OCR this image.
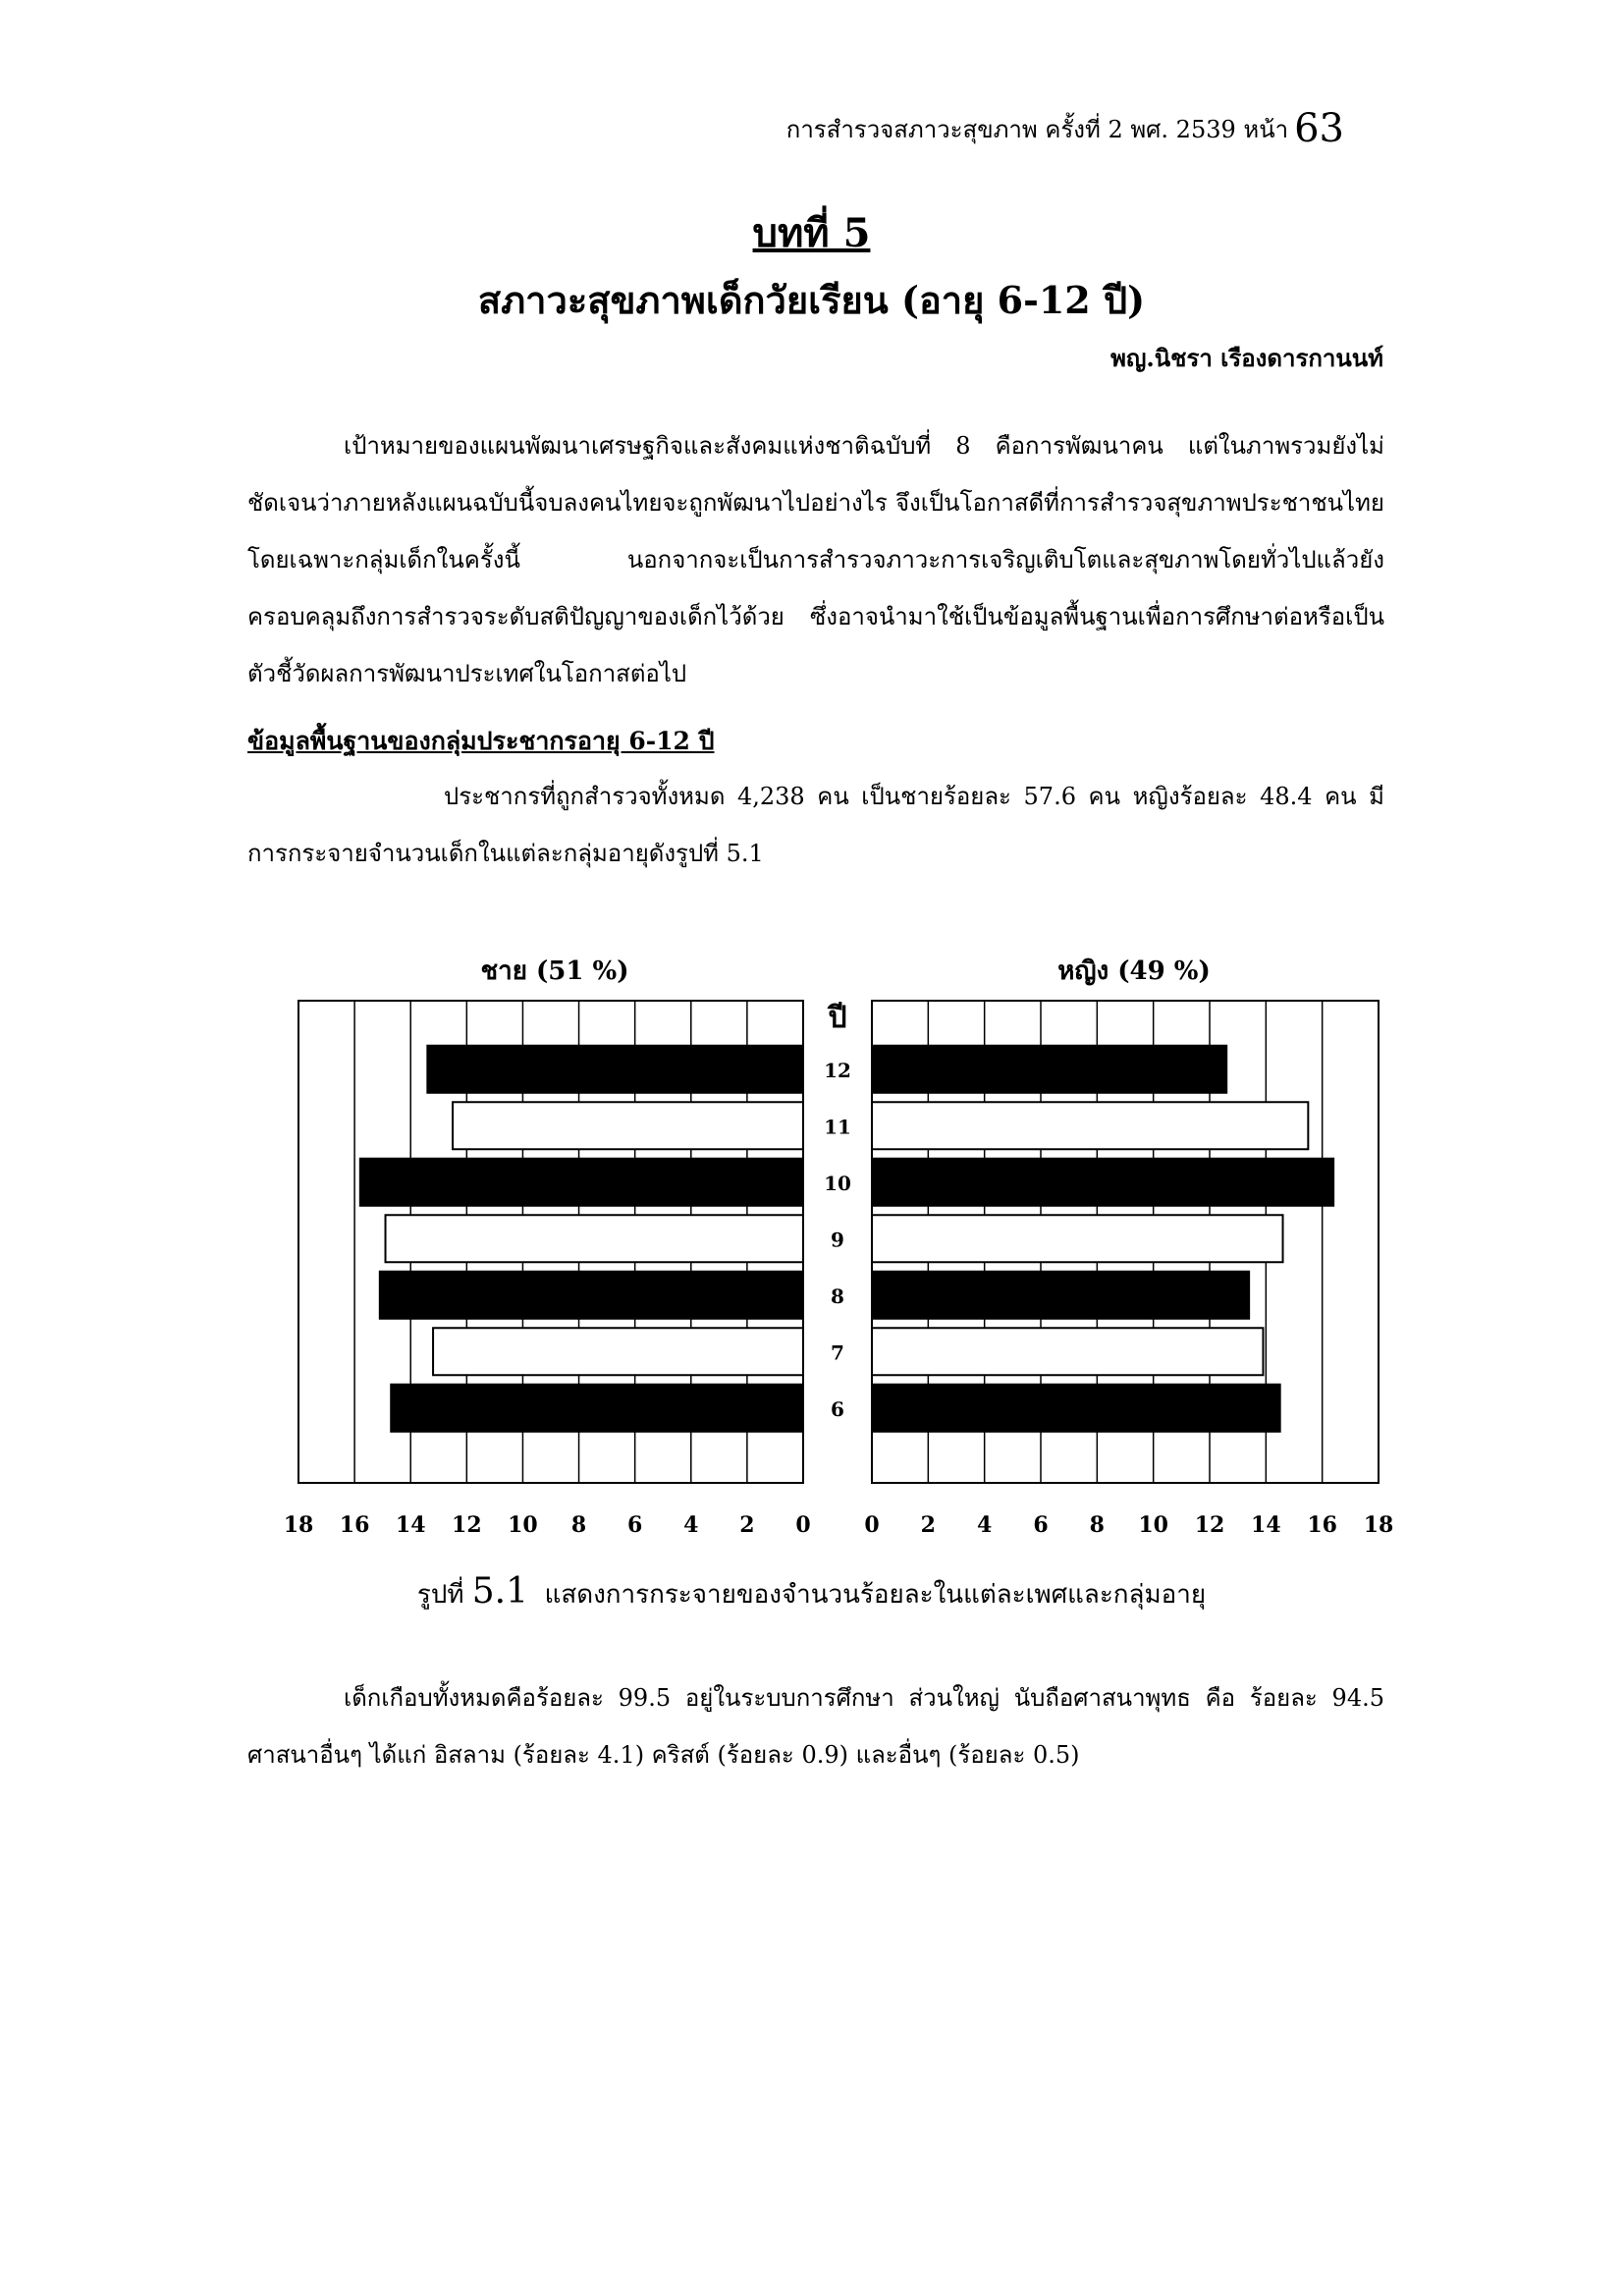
การสำรวจสภาวะสุขภาพ ครั้งที่ 2 พศ. 2539 หน้า 63
บทที่ 5
สภาวะสุขภาพเด็กวัยเรียน (อายุ 6-12 ปี)
พญ.นิชรา เรืองดารกานนท์
เป้าหมายของแผนพัฒนาเศรษฐกิจและสังคมแห่งชาติฉบับที่ 8 คือการพัฒนาคน แต่ในภาพรวมยังไม่ชัดเจนว่าภายหลังแผนฉบับนี้จบลงคนไทยจะถูกพัฒนาไปอย่างไร จึงเป็นโอกาสดีที่การสำรวจสุขภาพประชาชนไทยโดยเฉพาะกลุ่มเด็กในครั้งนี้ นอกจากจะเป็นการสำรวจภาวะการเจริญเติบโตและสุขภาพโดยทั่วไปแล้วยังครอบคลุมถึงการสำรวจระดับสติปัญญาของเด็กไว้ด้วย ซึ่งอาจนำมาใช้เป็นข้อมูลพื้นฐานเพื่อการศึกษาต่อหรือเป็นตัวชี้วัดผลการพัฒนาประเทศในโอกาสต่อไป
ข้อมูลพื้นฐานของกลุ่มประชากรอายุ 6-12 ปี
ประชากรที่ถูกสำรวจทั้งหมด 4,238 คน เป็นชายร้อยละ 57.6 คน หญิงร้อยละ 48.4 คน มีการกระจายจำนวนเด็กในแต่ละกลุ่มอายุดังรูปที่ 5.1
ชาย (51 %)	หญิง (49 %)
ปี
12
11
10
9
8
7
6
18 16 14 12 10 8 6 4 2 0 0 2 4 6 8 10 12 14 16 18
รูปที่ 5.1 แสดงการกระจายของจำนวนร้อยละในแต่ละเพศและกลุ่มอายุ
เด็กเกือบทั้งหมดคือร้อยละ 99.5 อยู่ในระบบการศึกษา ส่วนใหญ่ นับถือศาสนาพุทธ คือ ร้อยละ 94.5 ศาสนาอื่นๆ ได้แก่ อิสลาม (ร้อยละ 4.1) คริสต์ (ร้อยละ 0.9) และอื่นๆ (ร้อยละ 0.5)
